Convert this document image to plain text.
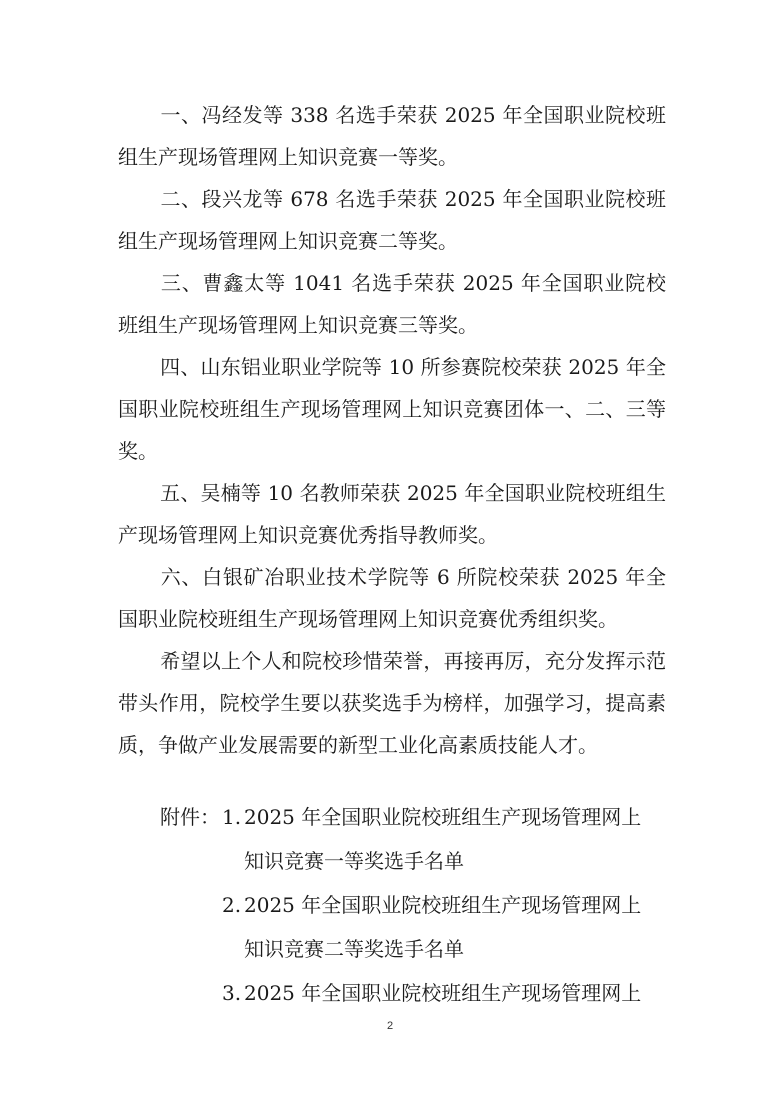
一、冯经发等 338 名选手荣获 2025 年全国职业院校班组生产现场管理网上知识竞赛一等奖。
二、段兴龙等 678 名选手荣获 2025 年全国职业院校班组生产现场管理网上知识竞赛二等奖。
三、曹鑫太等 1041 名选手荣获 2025 年全国职业院校班组生产现场管理网上知识竞赛三等奖。
四、山东铝业职业学院等 10 所参赛院校荣获 2025 年全国职业院校班组生产现场管理网上知识竞赛团体一、二、三等奖。
五、吴楠等 10 名教师荣获 2025 年全国职业院校班组生产现场管理网上知识竞赛优秀指导教师奖。
六、白银矿冶职业技术学院等 6 所院校荣获 2025 年全国职业院校班组生产现场管理网上知识竞赛优秀组织奖。
希望以上个人和院校珍惜荣誉，再接再厉，充分发挥示范带头作用，院校学生要以获奖选手为榜样，加强学习，提高素质，争做产业发展需要的新型工业化高素质技能人才。
附件： 1. 2025 年全国职业院校班组生产现场管理网上
知识竞赛一等奖选手名单
2. 2025 年全国职业院校班组生产现场管理网上
知识竞赛二等奖选手名单
3. 2025 年全国职业院校班组生产现场管理网上
2
